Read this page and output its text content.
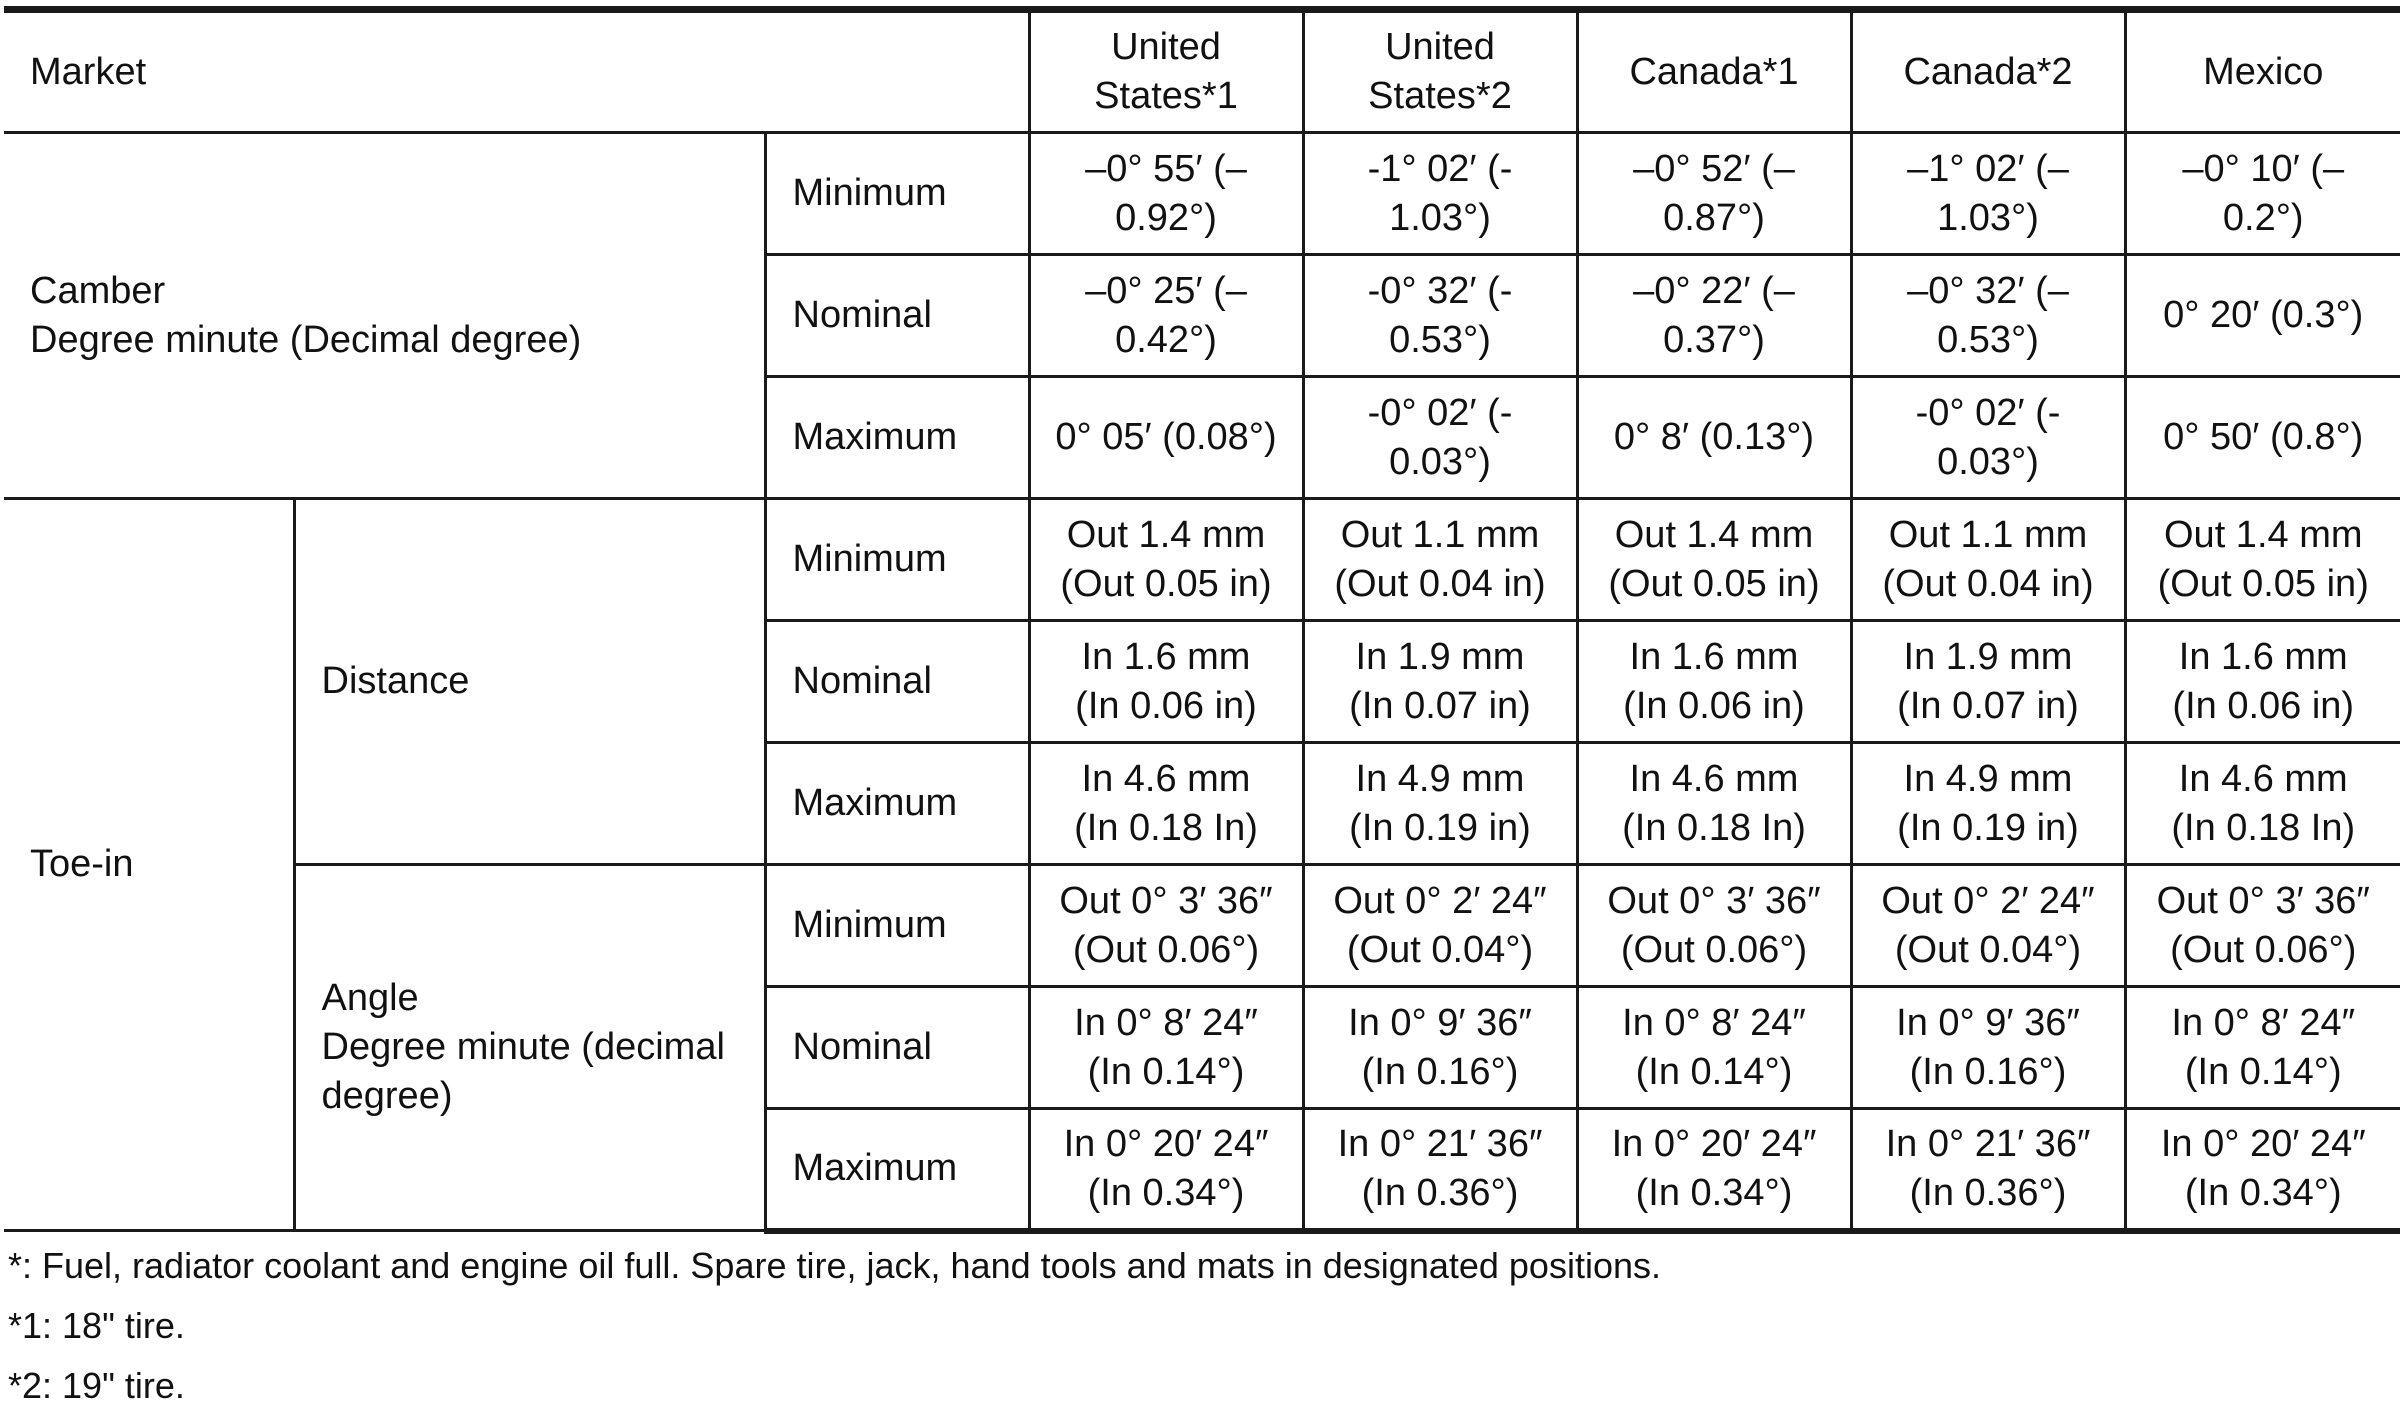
Market			United
States*1	United
States*2	Canada*1	Canada*2	Mexico
Camber
Degree minute (Decimal degree)		Minimum	–0° 55′ (–
0.92°)	-1° 02′ (-
1.03°)	–0° 52′ (–
0.87°)	–1° 02′ (–
1.03°)	–0° 10′ (–
0.2°)
		Nominal	–0° 25′ (–
0.42°)	-0° 32′ (-
0.53°)	–0° 22′ (–
0.37°)	–0° 32′ (–
0.53°)	0° 20′ (0.3°)
		Maximum	0° 05′ (0.08°)	-0° 02′ (-
0.03°)	0° 8′ (0.13°)	-0° 02′ (-
0.03°)	0° 50′ (0.8°)
Toe-in	Distance	Minimum	Out 1.4 mm
(Out 0.05 in)	Out 1.1 mm
(Out 0.04 in)	Out 1.4 mm
(Out 0.05 in)	Out 1.1 mm
(Out 0.04 in)	Out 1.4 mm
(Out 0.05 in)
		Nominal	In 1.6 mm
(In 0.06 in)	In 1.9 mm
(In 0.07 in)	In 1.6 mm
(In 0.06 in)	In 1.9 mm
(In 0.07 in)	In 1.6 mm
(In 0.06 in)
		Maximum	In 4.6 mm
(In 0.18 In)	In 4.9 mm
(In 0.19 in)	In 4.6 mm
(In 0.18 In)	In 4.9 mm
(In 0.19 in)	In 4.6 mm
(In 0.18 In)
	Angle
Degree minute (decimal
degree)	Minimum	Out 0° 3′ 36″
(Out 0.06°)	Out 0° 2′ 24″
(Out 0.04°)	Out 0° 3′ 36″
(Out 0.06°)	Out 0° 2′ 24″
(Out 0.04°)	Out 0° 3′ 36″
(Out 0.06°)
		Nominal	In 0° 8′ 24″
(In 0.14°)	In 0° 9′ 36″
(In 0.16°)	In 0° 8′ 24″
(In 0.14°)	In 0° 9′ 36″
(In 0.16°)	In 0° 8′ 24″
(In 0.14°)
		Maximum	In 0° 20′ 24″
(In 0.34°)	In 0° 21′ 36″
(In 0.36°)	In 0° 20′ 24″
(In 0.34°)	In 0° 21′ 36″
(In 0.36°)	In 0° 20′ 24″
(In 0.34°)
*: Fuel, radiator coolant and engine oil full. Spare tire, jack, hand tools and mats in designated positions.
*1: 18" tire.
*2: 19" tire.
